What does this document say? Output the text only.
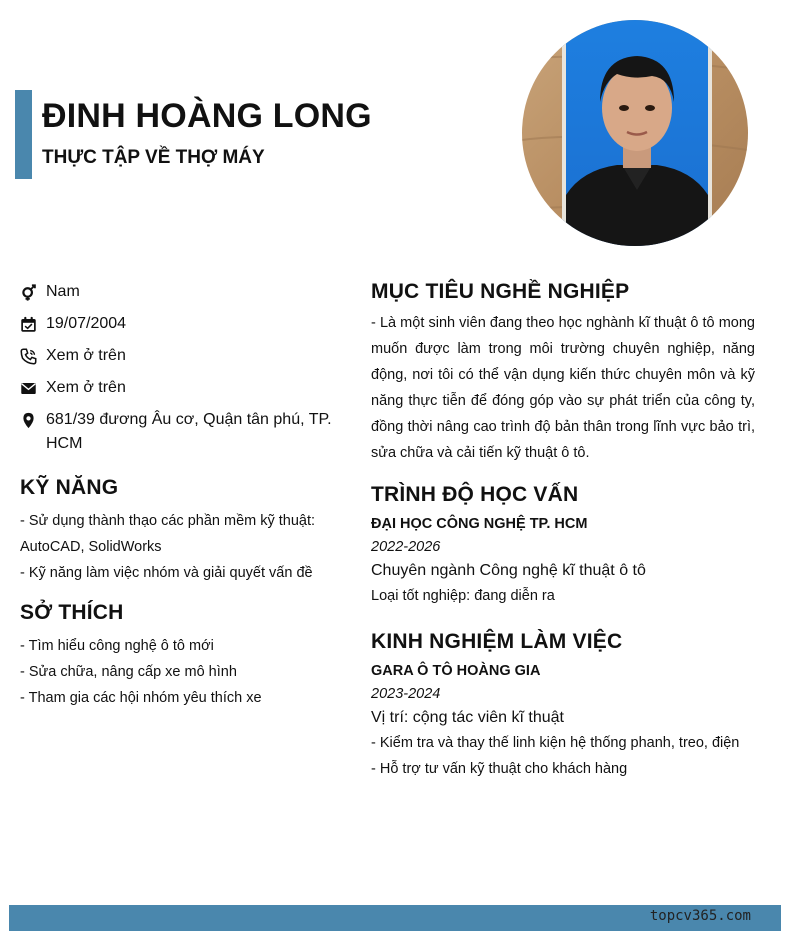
ĐINH HOÀNG LONG
THỰC TẬP VỀ THỢ MÁY
Nam
19/07/2004
Xem ở trên
Xem ở trên
681/39 đương Âu cơ, Quận tân phú, TP. HCM
KỸ NĂNG
- Sử dụng thành thạo các phần mềm kỹ thuật: AutoCAD, SolidWorks
- Kỹ năng làm việc nhóm và giải quyết vấn đề
SỞ THÍCH
- Tìm hiểu công nghệ ô tô mới
- Sửa chữa, nâng cấp xe mô hình
- Tham gia các hội nhóm yêu thích xe
MỤC TIÊU NGHỀ NGHIỆP

- Là một sinh viên đang theo học nghành kĩ thuật ô tô mong muốn được làm trong môi trường chuyên nghiệp, năng động, nơi tôi có thể vận dụng kiến thức chuyên môn và kỹ năng thực tiễn để đóng góp vào sự phát triển của công ty, đồng thời nâng cao trình độ bản thân trong lĩnh vực bảo trì, sửa chữa và cải tiến kỹ thuật ô tô.

TRÌNH ĐỘ HỌC VẤN
ĐẠI HỌC CÔNG NGHỆ TP. HCM
2022-2026
Chuyên ngành Công nghệ kĩ thuật ô tô
Loại tốt nghiệp: đang diễn ra
KINH NGHIỆM LÀM VIỆC
GARA Ô TÔ HOÀNG GIA
2023-2024
Vị trí: cộng tác viên kĩ thuật
- Kiểm tra và thay thế linh kiện hệ thống phanh, treo, điện
- Hỗ trợ tư vấn kỹ thuật cho khách hàng
topcv365.com
